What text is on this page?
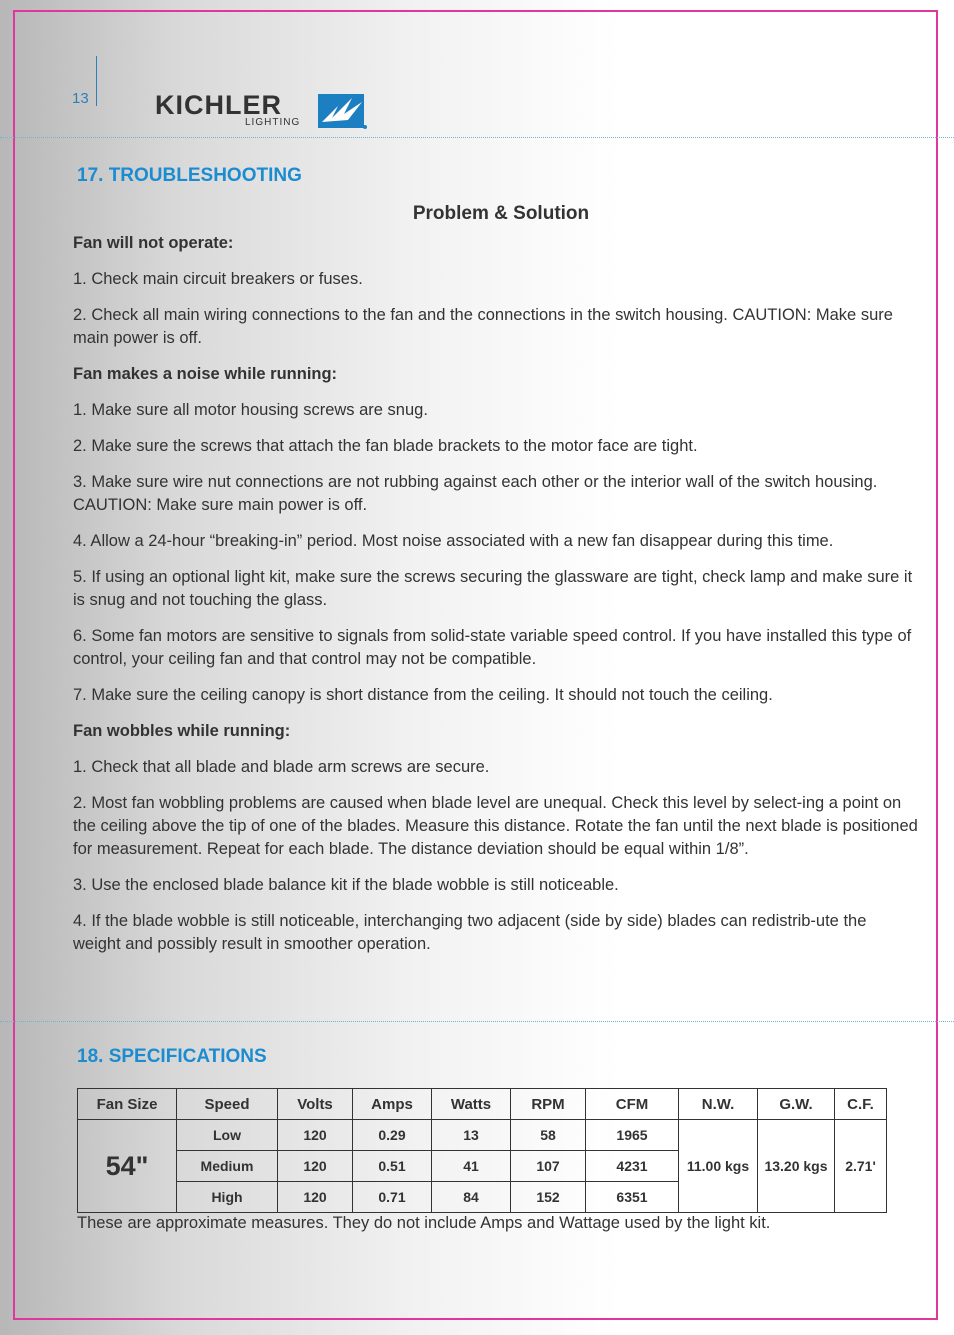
13 KICHLER
LIGHTING
17. TROUBLESHOOTING
Problem & Solution
Fan will not operate:

1. Check main circuit breakers or fuses.

2. Check all main wiring connections to the fan and the connections in the switch housing. CAUTION: Make sure main power is off.

Fan makes a noise while running:

1. Make sure all motor housing screws are snug.

2. Make sure the screws that attach the fan blade brackets to the motor face are tight.

3. Make sure wire nut connections are not rubbing against each other or the interior wall of the switch housing. CAUTION: Make sure main power is off.

4. Allow a 24-hour “breaking-in” period. Most noise associated with a new fan disappear during this time.

5. If using an optional light kit, make sure the screws securing the glassware are tight, check lamp and make sure it is snug and not touching the glass.

6. Some fan motors are sensitive to signals from solid-state variable speed control. If you have installed this type of control, your ceiling fan and that control may not be compatible.

7. Make sure the ceiling canopy is short distance from the ceiling. It should not touch the ceiling.

Fan wobbles while running:

1. Check that all blade and blade arm screws are secure.

2. Most fan wobbling problems are caused when blade level are unequal. Check this level by select-ing a point on the ceiling above the tip of one of the blades. Measure this distance. Rotate the fan until the next blade is positioned for measurement. Repeat for each blade. The distance deviation should be equal within 1/8”.

3. Use the enclosed blade balance kit if the blade wobble is still noticeable.

4. If the blade wobble is still noticeable, interchanging two adjacent (side by side) blades can redistrib-ute the weight and possibly result in smoother operation.

18. SPECIFICATIONS
Fan Size	Speed	Volts	Amps	Watts	RPM	CFM	N.W.	G.W.	C.F.
54"	Low	120	0.29	13	58	1965	11.00 kgs	13.20 kgs	2.71'
	Medium	120	0.51	41	107	4231			
	High	120	0.71	84	152	6351			
These are approximate measures. They do not include Amps and Wattage used by the light kit.
